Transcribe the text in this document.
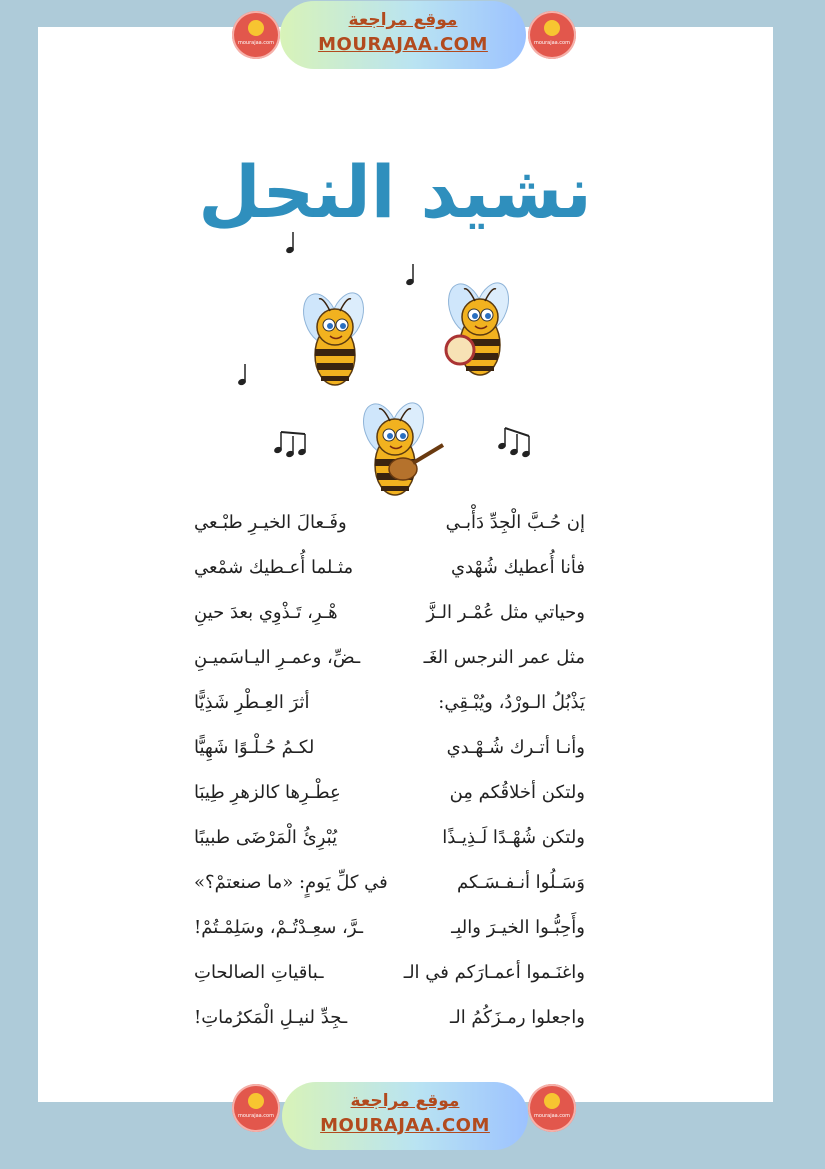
mourajaa.com
موقع مراجعة
MOURAJAA.COM	mourajaa.com
نشيد النحل
إن حُـبَّ الْجِدِّ دَأْبـي
وفَـعالَ الخيـرِ طبْـعي
فأنا أُعطيك شُهْدي
مثـلما أُعـطيك شمْعي
وحياتي مثل عُمْـر الـزَّ
هْـرِ، تَـذْوِي بعدَ حينِ
مثل عمر النرجس الغَـ
ـضِّ، وعمـرِ اليـاسَميـنِ
يَذْبُلُ الـورْدُ، ويُبْـقِي:
أثرَ العِـطْرِ شَذِيًّا
وأنـا أتـرك شُـهْـدي
لكـمُ حُـلْـوًا شَهِيًّا
ولتكن أخلاقُكم مِن
عِطْـرِها كالزهرِ طِيبَا
ولتكن شُهْـدًا لَـذِيـذًا
يُبْرِئُ الْمَرْضَى طبيبًا
وَسَـلُوا أنـفـسَـكم
في كلِّ يَومٍ: «ما صنعتمْ؟»
وأَحِبُّـوا الخيـرَ والبِـ
ـرَّ، سعِـدْتُـمْ، وسَلِمْـتُمْ!
واغنَـموا أعمـارَكم في الـ
ـباقياتِ الصالحاتِ
واجعلوا رمـزَكُمُ الـ
ـجِدِّ لنيـلِ الْمَكرُماتِ!
mourajaa.com
موقع مراجعة
MOURAJAA.COM	mourajaa.com
